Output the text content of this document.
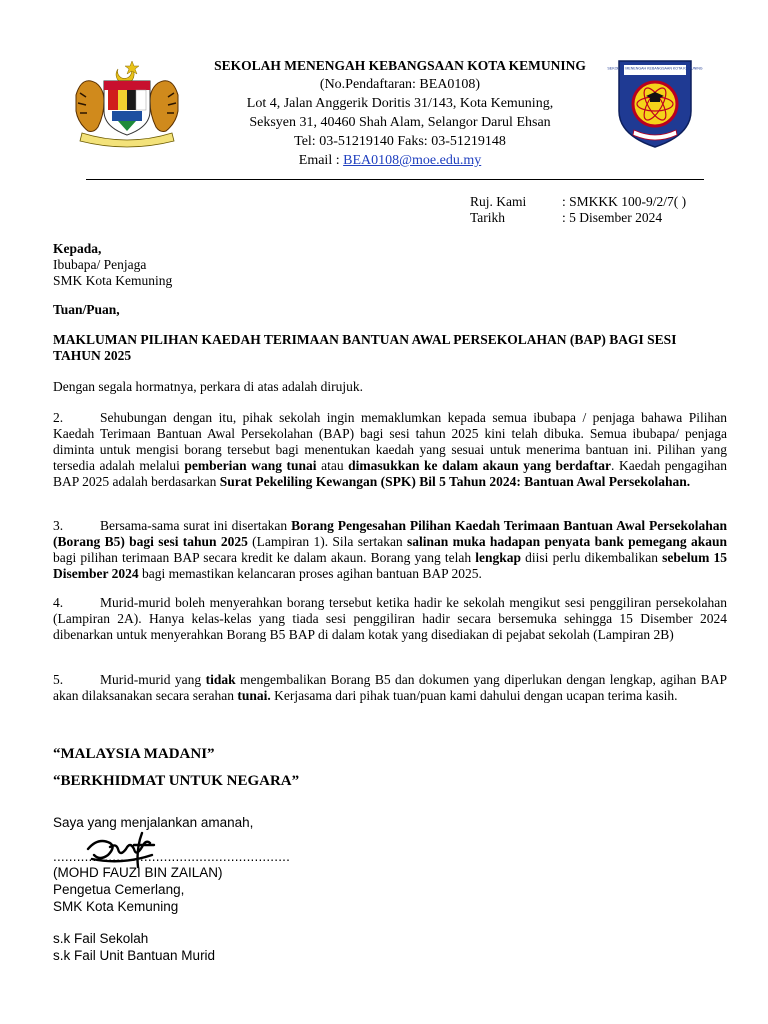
SEKOLAH MENENGAH KEBANGSAAN KOTA KEMUNING
(No.Pendaftaran: BEA0108)
Lot 4, Jalan Anggerik Doritis 31/143, Kota Kemuning,
Seksyen 31, 40460 Shah Alam, Selangor Darul Ehsan
Tel: 03-51219140 Faks: 03-51219148
Email : BEA0108@moe.edu.my
SEKOLAH MENENGAH KEBANGSAAN KOTA KEMUNING
Ruj. Kami	: SMKKK 100-9/2/7( )
Tarikh	: 5 Disember 2024
Kepada,
Ibubapa/ Penjaga
SMK Kota Kemuning
Tuan/Puan,
MAKLUMAN PILIHAN KAEDAH TERIMAAN BANTUAN AWAL PERSEKOLAHAN (BAP) BAGI SESI TAHUN 2025
Dengan segala hormatnya, perkara di atas adalah dirujuk.
2.	Sehubungan dengan itu, pihak sekolah ingin memaklumkan kepada semua ibubapa / penjaga bahawa Pilihan Kaedah Terimaan Bantuan Awal Persekolahan (BAP) bagi sesi tahun 2025 kini telah dibuka. Semua ibubapa/ penjaga diminta untuk mengisi borang tersebut bagi menentukan kaedah yang sesuai untuk menerima bantuan ini. Pilihan yang tersedia adalah melalui pemberian wang tunai atau dimasukkan ke dalam akaun yang berdaftar. Kaedah pengagihan BAP 2025 adalah berdasarkan Surat Pekeliling Kewangan (SPK) Bil 5 Tahun 2024: Bantuan Awal Persekolahan.
3.	Bersama-sama surat ini disertakan Borang Pengesahan Pilihan Kaedah Terimaan Bantuan Awal Persekolahan (Borang B5) bagi sesi tahun 2025 (Lampiran 1). Sila sertakan salinan muka hadapan penyata bank pemegang akaun bagi pilihan terimaan BAP secara kredit ke dalam akaun. Borang yang telah lengkap diisi perlu dikembalikan sebelum 15 Disember 2024 bagi memastikan kelancaran proses agihan bantuan BAP 2025.
4.	Murid-murid boleh menyerahkan borang tersebut ketika hadir ke sekolah mengikut sesi penggiliran persekolahan (Lampiran 2A). Hanya kelas-kelas yang tiada sesi penggiliran hadir secara bersemuka sehingga 15 Disember 2024 dibenarkan untuk menyerahkan Borang B5 BAP di dalam kotak yang disediakan di pejabat sekolah (Lampiran 2B)
5.	Murid-murid yang tidak mengembalikan Borang B5 dan dokumen yang diperlukan dengan lengkap, agihan BAP akan dilaksanakan secara serahan tunai. Kerjasama dari pihak tuan/puan kami dahului dengan ucapan terima kasih.
“MALAYSIA MADANI”
“BERKHIDMAT UNTUK NEGARA”
Saya yang menjalankan amanah,
............................................................
(MOHD FAUZI BIN ZAILAN)
Pengetua Cemerlang,
SMK Kota Kemuning
s.k Fail Sekolah
s.k Fail Unit Bantuan Murid
